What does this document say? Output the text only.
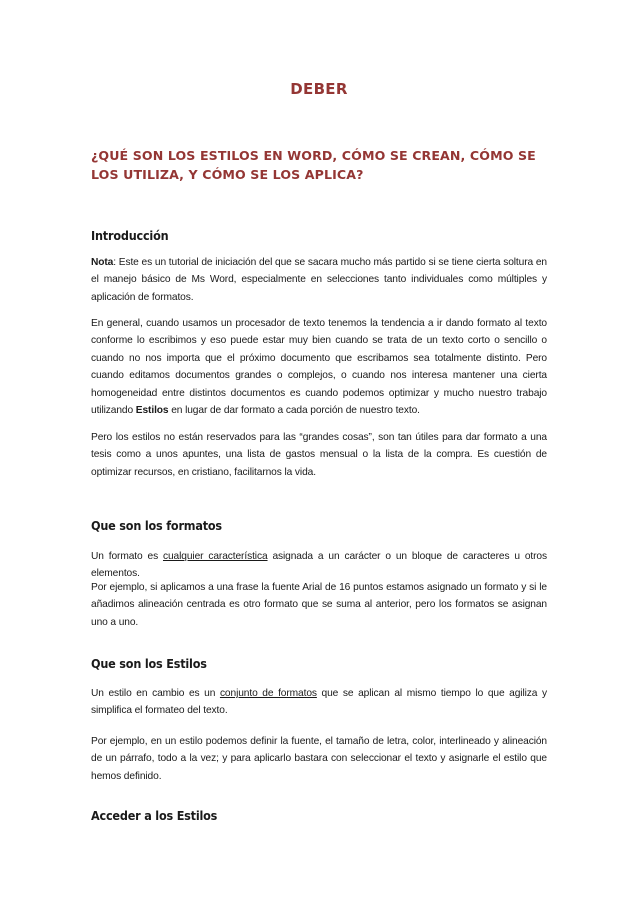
DEBER
¿QUÉ SON LOS ESTILOS EN WORD, CÓMO SE CREAN, CÓMO SE LOS UTILIZA, Y CÓMO SE LOS APLICA?
Introducción
Nota: Este es un tutorial de iniciación del que se sacara mucho más partido si se tiene cierta soltura en el manejo básico de Ms Word, especialmente en selecciones tanto individuales como múltiples y aplicación de formatos.
En general, cuando usamos un procesador de texto tenemos la tendencia a ir dando formato al texto conforme lo escribimos y eso puede estar muy bien cuando se trata de un texto corto o sencillo o cuando no nos importa que el próximo documento que escribamos sea totalmente distinto. Pero cuando editamos documentos grandes o complejos, o cuando nos interesa mantener una cierta homogeneidad entre distintos documentos es cuando podemos optimizar y mucho nuestro trabajo utilizando Estilos en lugar de dar formato a cada porción de nuestro texto.
Pero los estilos no están reservados para las “grandes cosas”, son tan útiles para dar formato a una tesis como a unos apuntes, una lista de gastos mensual o la lista de la compra. Es cuestión de optimizar recursos, en cristiano, facilitarnos la vida.
Que son los formatos
Un formato es cualquier característica asignada a un carácter o un bloque de caracteres u otros elementos.
Por ejemplo, si aplicamos a una frase la fuente Arial de 16 puntos estamos asignado un formato y si le añadimos alineación centrada es otro formato que se suma al anterior, pero los formatos se asignan uno a uno.
Que son los Estilos
Un estilo en cambio es un conjunto de formatos que se aplican al mismo tiempo lo que agiliza y simplifica el formateo del texto.
Por ejemplo, en un estilo podemos definir la fuente, el tamaño de letra, color, interlineado y alineación de un párrafo, todo a la vez; y para aplicarlo bastara con seleccionar el texto y asignarle el estilo que hemos definido.
Acceder a los Estilos
